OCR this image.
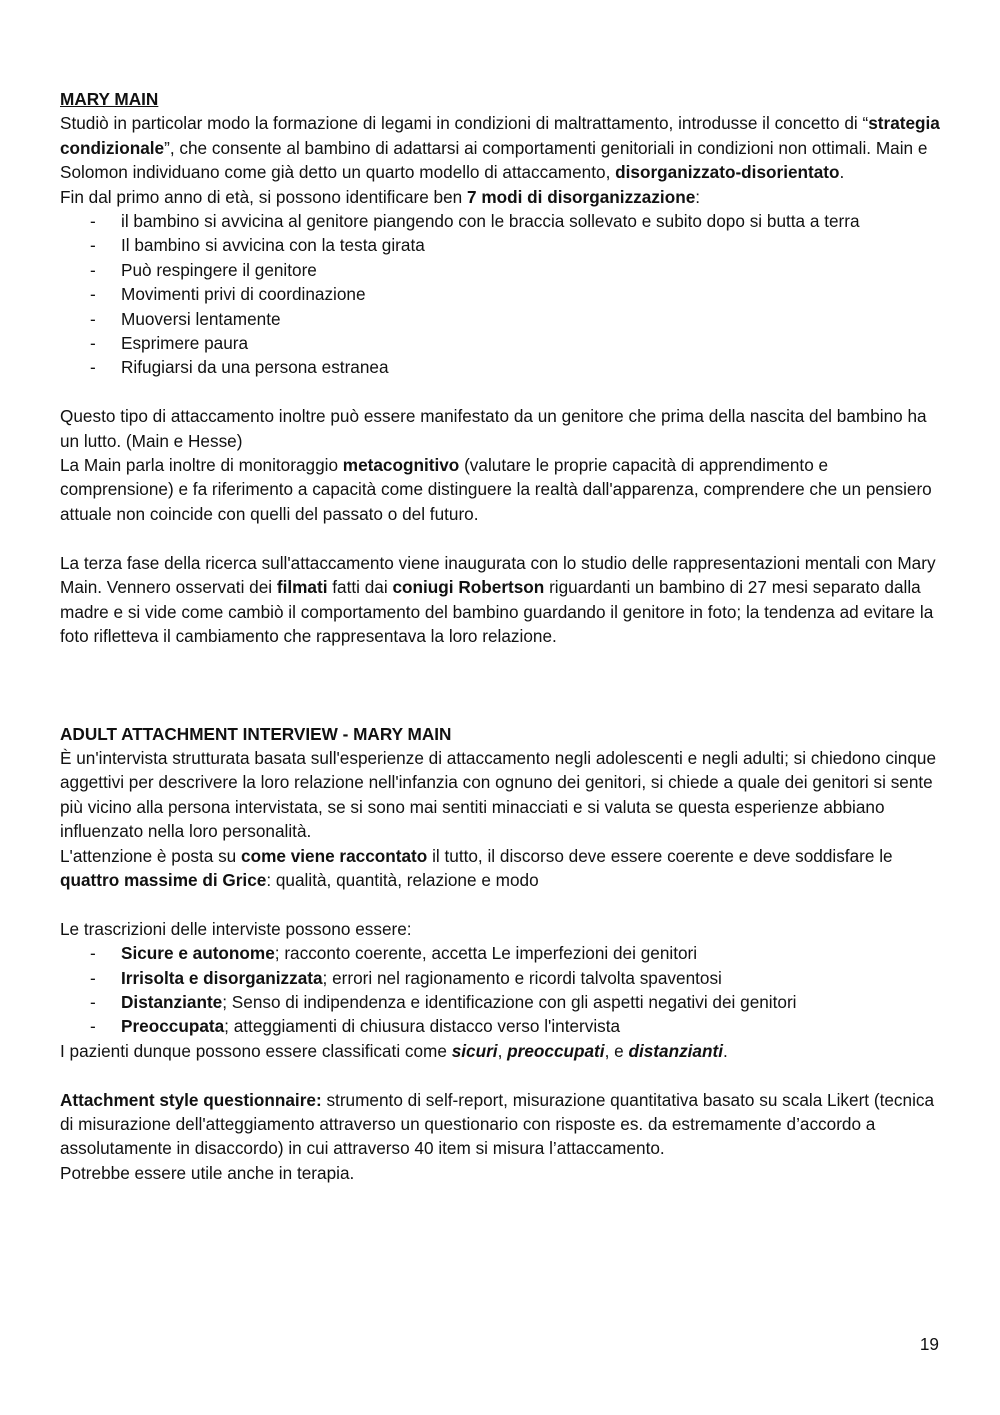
MARY MAIN

Studiò in particolar modo la formazione di legami in condizioni di maltrattamento, introdusse il concetto di “strategia condizionale”, che consente al bambino di adattarsi ai comportamenti genitoriali in condizioni non ottimali. Main e Solomon individuano come già detto un quarto modello di attaccamento, disorganizzato-disorientato.

Fin dal primo anno di età, si possono identificare ben 7 modi di disorganizzazione:

- il bambino si avvicina al genitore piangendo con le braccia sollevato e subito dopo si butta a terra
- Il bambino si avvicina con la testa girata
- Può respingere il genitore
- Movimenti privi di coordinazione
- Muoversi lentamente
- Esprimere paura
- Rifugiarsi da una persona estranea

Questo tipo di attaccamento inoltre può essere manifestato da un genitore che prima della nascita del bambino ha un lutto. (Main e Hesse)

La Main parla inoltre di monitoraggio metacognitivo (valutare le proprie capacità di apprendimento e comprensione) e fa riferimento a capacità come distinguere la realtà dall'apparenza, comprendere che un pensiero attuale non coincide con quelli del passato o del futuro.

La terza fase della ricerca sull'attaccamento viene inaugurata con lo studio delle rappresentazioni mentali con Mary Main. Vennero osservati dei filmati fatti dai coniugi Robertson riguardanti un bambino di 27 mesi separato dalla madre e si vide come cambiò il comportamento del bambino guardando il genitore in foto; la tendenza ad evitare la foto rifletteva il cambiamento che rappresentava la loro relazione.

ADULT ATTACHMENT INTERVIEW - MARY MAIN

È un'intervista strutturata basata sull'esperienze di attaccamento negli adolescenti e negli adulti; si chiedono cinque aggettivi per descrivere la loro relazione nell'infanzia con ognuno dei genitori, si chiede a quale dei genitori si sente più vicino alla persona intervistata, se si sono mai sentiti minacciati e si valuta se questa esperienze abbiano influenzato nella loro personalità.

L'attenzione è posta su come viene raccontato il tutto, il discorso deve essere coerente e deve soddisfare le quattro massime di Grice: qualità, quantità, relazione e modo

Le trascrizioni delle interviste possono essere:

- Sicure e autonome; racconto coerente, accetta Le imperfezioni dei genitori
- Irrisolta e disorganizzata; errori nel ragionamento e ricordi talvolta spaventosi
- Distanziante; Senso di indipendenza e identificazione con gli aspetti negativi dei genitori
- Preoccupata; atteggiamenti di chiusura distacco verso l'intervista

I pazienti dunque possono essere classificati come sicuri, preoccupati, e distanzianti.

Attachment style questionnaire: strumento di self-report, misurazione quantitativa basato su scala Likert (tecnica di misurazione dell'atteggiamento attraverso un questionario con risposte es. da estremamente d’accordo a assolutamente in disaccordo) in cui attraverso 40 item si misura l’attaccamento.

Potrebbe essere utile anche in terapia.

19
